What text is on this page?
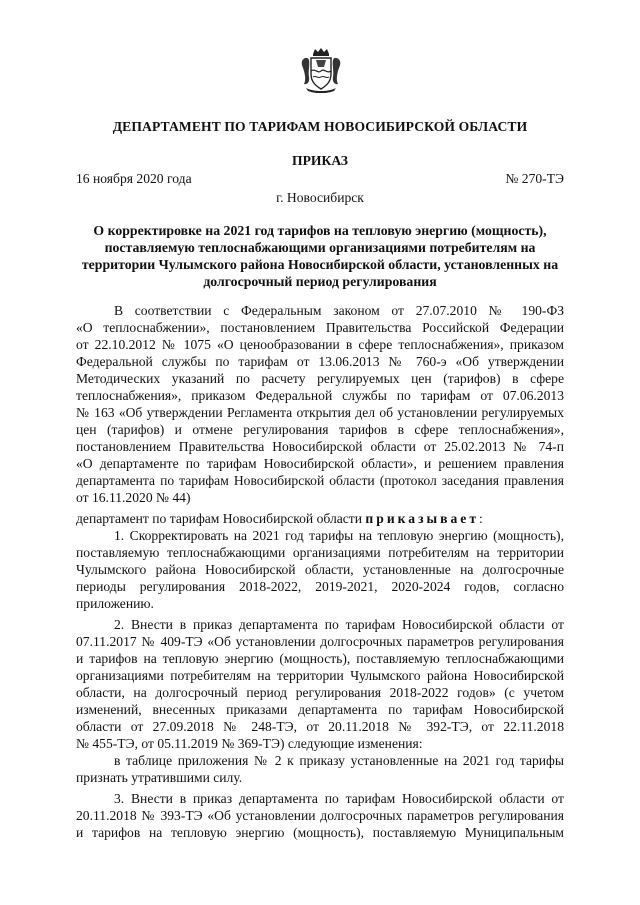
ДЕПАРТАМЕНТ ПО ТАРИФАМ НОВОСИБИРСКОЙ ОБЛАСТИ
ПРИКАЗ
16 ноября 2020 года	№ 270-ТЭ
г. Новосибирск
О корректировке на 2021 год тарифов на тепловую энергию (мощность),
поставляемую теплоснабжающими организациями потребителям на
территории Чулымского района Новосибирской области, установленных на
долгосрочный период регулирования
В соответствии с Федеральным законом от 27.07.2010 № 190-ФЗ
«О теплоснабжении», постановлением Правительства Российской Федерации
от 22.10.2012 № 1075 «О ценообразовании в сфере теплоснабжения», приказом
Федеральной службы по тарифам от 13.06.2013 № 760-э «Об утверждении
Методических указаний по расчету регулируемых цен (тарифов) в сфере
теплоснабжения», приказом Федеральной службы по тарифам от 07.06.2013
№ 163 «Об утверждении Регламента открытия дел об установлении регулируемых
цен (тарифов) и отмене регулирования тарифов в сфере теплоснабжения»,
постановлением Правительства Новосибирской области от 25.02.2013 № 74-п
«О департаменте по тарифам Новосибирской области», и решением правления
департамента по тарифам Новосибирской области (протокол заседания правления
от 16.11.2020 № 44)
департамент по тарифам Новосибирской области приказывает:
1. Скорректировать на 2021 год тарифы на тепловую энергию (мощность),
поставляемую теплоснабжающими организациями потребителям на территории
Чулымского района Новосибирской области, установленные на долгосрочные
периоды регулирования 2018-2022, 2019-2021, 2020-2024 годов, согласно
приложению.
2. Внести в приказ департамента по тарифам Новосибирской области от
07.11.2017 № 409-ТЭ «Об установлении долгосрочных параметров регулирования
и тарифов на тепловую энергию (мощность), поставляемую теплоснабжающими
организациями потребителям на территории Чулымского района Новосибирской
области, на долгосрочный период регулирования 2018-2022 годов» (с учетом
изменений, внесенных приказами департамента по тарифам Новосибирской
области от 27.09.2018 № 248-ТЭ, от 20.11.2018 № 392-ТЭ, от 22.11.2018
№ 455-ТЭ, от 05.11.2019 № 369-ТЭ) следующие изменения:
в таблице приложения № 2 к приказу установленные на 2021 год тарифы
признать утратившими силу.
3. Внести в приказ департамента по тарифам Новосибирской области от
20.11.2018 № 393-ТЭ «Об установлении долгосрочных параметров регулирования
и тарифов на тепловую энергию (мощность), поставляемую Муниципальным
